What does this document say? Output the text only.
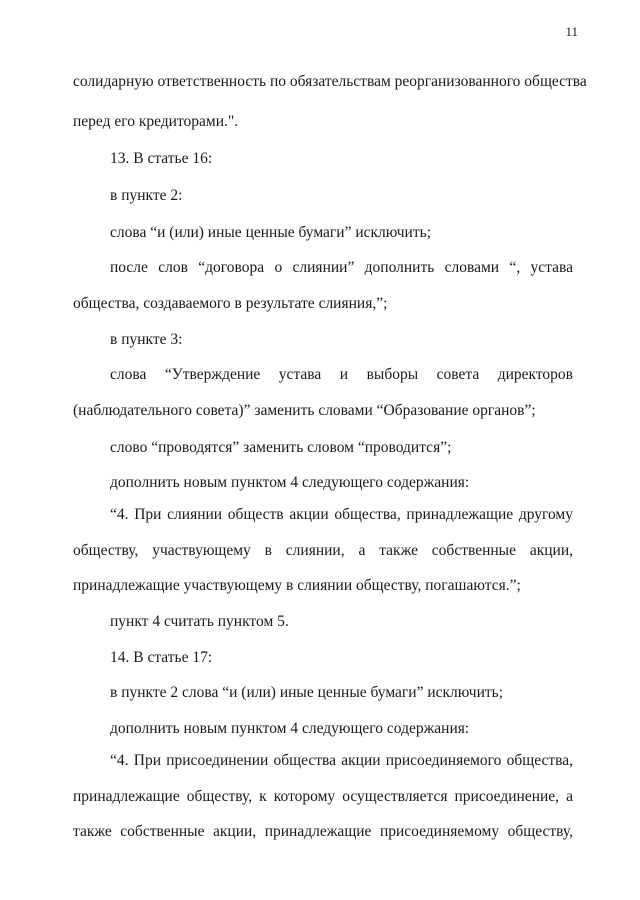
11
солидарную ответственность по обязательствам реорганизованного общества
перед его кредиторами.".
13. В статье 16:
в пункте 2:
слова “и (или) иные ценные бумаги” исключить;
после слов “договора о слиянии” дополнить словами “, устава
общества, создаваемого в результате слияния,”;
в пункте 3:
слова “Утверждение устава и выборы совета директоров
(наблюдательного совета)” заменить словами “Образование органов”;
слово “проводятся” заменить словом “проводится”;
дополнить новым пунктом 4 следующего содержания:
“4. При слиянии обществ акции общества, принадлежащие другому
обществу, участвующему в слиянии, а также собственные акции,
принадлежащие участвующему в слиянии обществу, погашаются.”;
пункт 4 считать пунктом 5.
14. В статье 17:
в пункте 2 слова “и (или) иные ценные бумаги” исключить;
дополнить новым пунктом 4 следующего содержания:
“4. При присоединении общества акции присоединяемого общества,
принадлежащие обществу, к которому осуществляется присоединение, а
также собственные акции, принадлежащие присоединяемому обществу,
